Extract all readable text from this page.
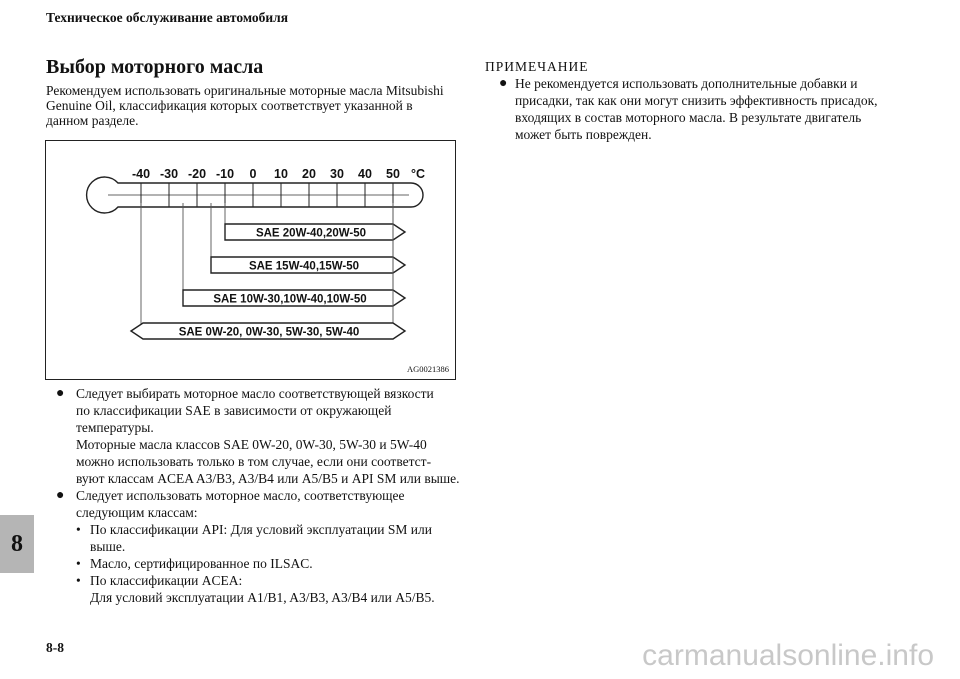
Техническое обслуживание автомобиля
Выбор моторного масла
Рекомендуем использовать оригинальные моторные масла Mitsubishi Genuine Oil, классификация которых соответствует указанной в данном разделе.
-40 -30 -20 -10 0 10 20 30 40 50 °C
SAE 20W-40,20W-50
SAE 15W-40,15W-50
SAE 10W-30,10W-40,10W-50
SAE 0W-20, 0W-30, 5W-30, 5W-40
AG0021386
● Следует выбирать моторное масло соответствующей вязкости
по классификации SAE в зависимости от окружающей
температуры.
Моторные масла классов SAE 0W-20, 0W-30, 5W-30 и 5W-40
можно использовать только в том случае, если они соответст-
вуют классам ACEA A3/B3, A3/B4 или A5/B5 и API SM или выше.
● Следует использовать моторное масло, соответствующее
следующим классам:
• По классификации API: Для условий эксплуатации SM или
выше.
• Масло, сертифицированное по ILSAC.
• По классификации ACEA:
Для условий эксплуатации A1/B1, A3/B3, A3/B4 или A5/B5.
ПРИМЕЧАНИЕ
● Не рекомендуется использовать дополнительные добавки и
присадки, так как они могут снизить эффективность присадок,
входящих в состав моторного масла. В результате двигатель
может быть поврежден.
8
8-8	carmanualsonline.info
